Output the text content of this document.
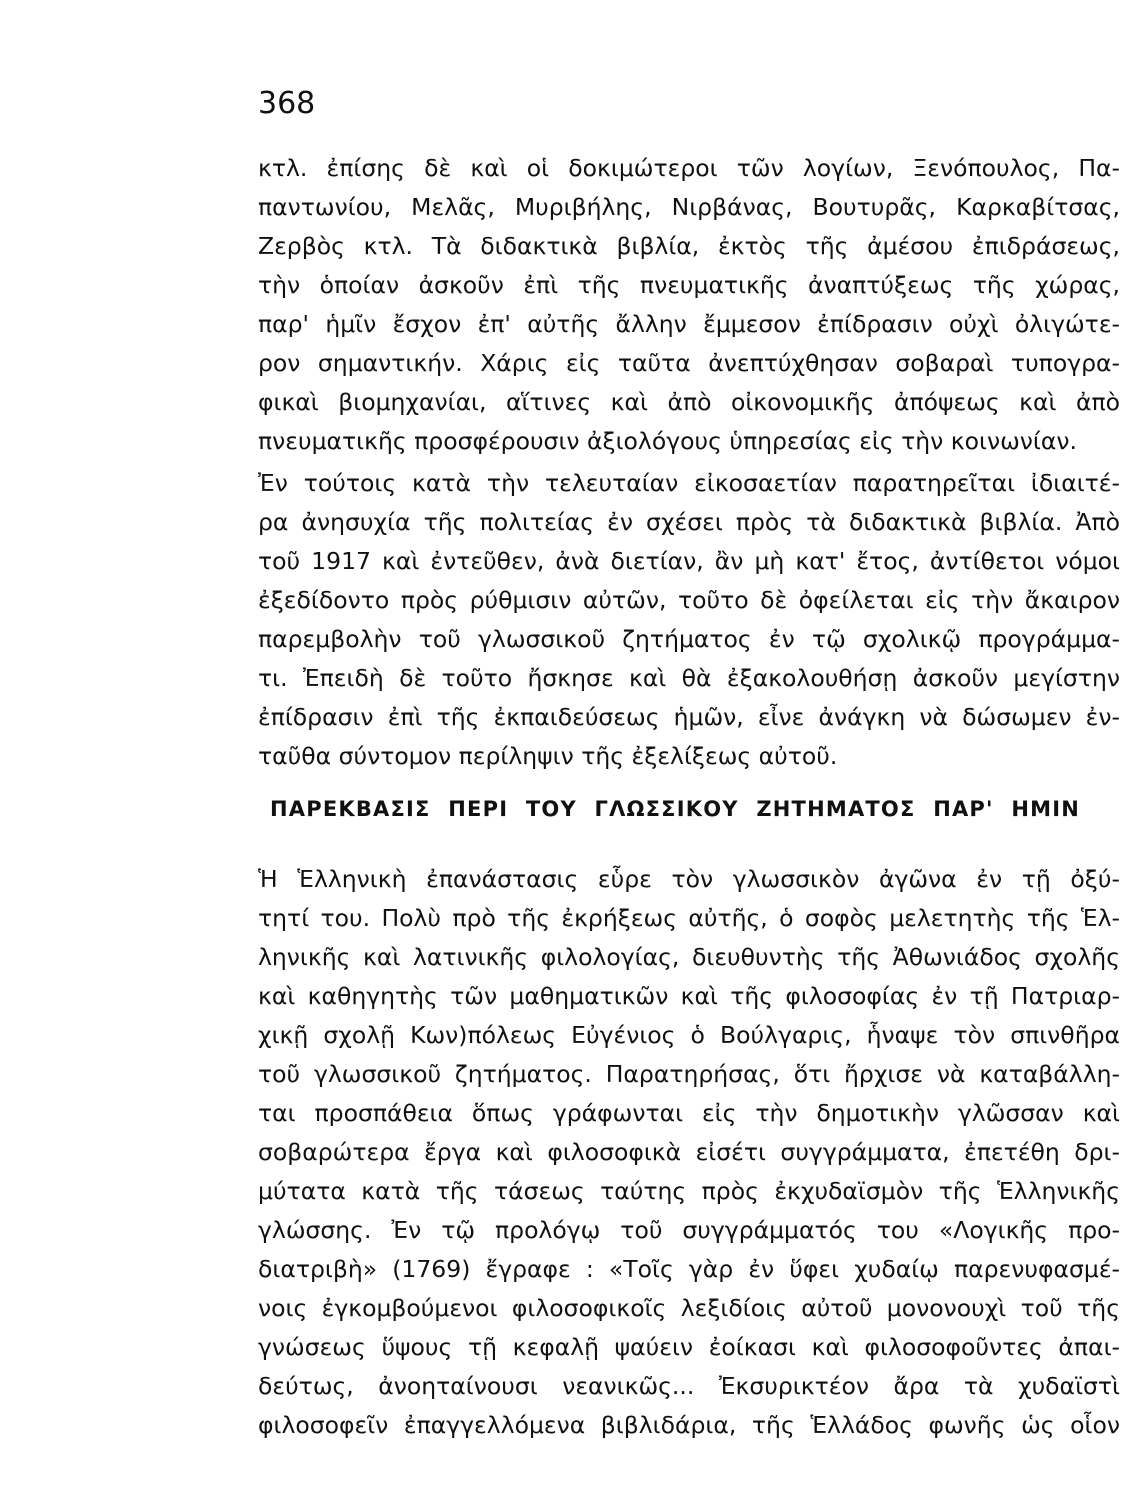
368
κτλ. ἐπίσης δὲ καὶ οἱ δοκιμώτεροι τῶν λογίων, Ξενόπουλος, Πα-
παντωνίου, Μελᾶς, Μυριβήλης, Νιρβάνας, Βουτυρᾶς, Καρκαβίτσας,
Ζερβὸς κτλ. Τὰ διδακτικὰ βιβλία, ἐκτὸς τῆς ἀμέσου ἐπιδράσεως,
τὴν ὁποίαν ἀσκοῦν ἐπὶ τῆς πνευματικῆς ἀναπτύξεως τῆς χώρας,
παρ' ἡμῖν ἔσχον ἐπ' αὐτῆς ἄλλην ἔμμεσον ἐπίδρασιν οὐχὶ ὀλιγώτε-
ρον σημαντικήν. Χάρις εἰς ταῦτα ἀνεπτύχθησαν σοβαραὶ τυπογρα-
φικαὶ βιομηχανίαι, αἵτινες καὶ ἀπὸ οἰκονομικῆς ἀπόψεως καὶ ἀπὸ
πνευματικῆς προσφέρουσιν ἀξιολόγους ὑπηρεσίας εἰς τὴν κοινωνίαν.
Ἐν τούτοις κατὰ τὴν τελευταίαν εἰκοσαετίαν παρατηρεῖται ἰδιαιτέ-
ρα ἀνησυχία τῆς πολιτείας ἐν σχέσει πρὸς τὰ διδακτικὰ βιβλία. Ἀπὸ
τοῦ 1917 καὶ ἐντεῦθεν, ἀνὰ διετίαν, ἂν μὴ κατ' ἔτος, ἀντίθετοι νόμοι
ἐξεδίδοντο πρὸς ρύθμισιν αὐτῶν, τοῦτο δὲ ὀφείλεται εἰς τὴν ἄκαιρον
παρεμβολὴν τοῦ γλωσσικοῦ ζητήματος ἐν τῷ σχολικῷ προγράμμα-
τι. Ἐπειδὴ δὲ τοῦτο ἤσκησε καὶ θὰ ἐξακολουθήσῃ ἀσκοῦν μεγίστην
ἐπίδρασιν ἐπὶ τῆς ἐκπαιδεύσεως ἡμῶν, εἶνε ἀνάγκη νὰ δώσωμεν ἐν-
ταῦθα σύντομον περίληψιν τῆς ἐξελίξεως αὐτοῦ.
ΠΑΡΕΚΒΑΣΙΣ ΠΕΡΙ ΤΟΥ ΓΛΩΣΣΙΚΟΥ ΖΗΤΗΜΑΤΟΣ ΠΑΡ' ΗΜΙΝ
Ἡ Ἑλληνικὴ ἐπανάστασις εὗρε τὸν γλωσσικὸν ἀγῶνα ἐν τῇ ὀξύ-
τητί του. Πολὺ πρὸ τῆς ἐκρήξεως αὐτῆς, ὁ σοφὸς μελετητὴς τῆς Ἑλ-
ληνικῆς καὶ λατινικῆς φιλολογίας, διευθυντὴς τῆς Ἀθωνιάδος σχολῆς
καὶ καθηγητὴς τῶν μαθηματικῶν καὶ τῆς φιλοσοφίας ἐν τῇ Πατριαρ-
χικῇ σχολῇ Κων)πόλεως Εὐγένιος ὁ Βούλγαρις, ἧναψε τὸν σπινθῆρα
τοῦ γλωσσικοῦ ζητήματος. Παρατηρήσας, ὅτι ἤρχισε νὰ καταβάλλη-
ται προσπάθεια ὅπως γράφωνται εἰς τὴν δημοτικὴν γλῶσσαν καὶ
σοβαρώτερα ἔργα καὶ φιλοσοφικὰ εἰσέτι συγγράμματα, ἐπετέθη δρι-
μύτατα κατὰ τῆς τάσεως ταύτης πρὸς ἐκχυδαϊσμὸν τῆς Ἑλληνικῆς
γλώσσης. Ἐν τῷ προλόγῳ τοῦ συγγράμματός του «Λογικῆς προ-
διατριβὴ» (1769) ἔγραφε : «Τοῖς γὰρ ἐν ὕφει χυδαίῳ παρενυφασμέ-
νοις ἐγκομβούμενοι φιλοσοφικοῖς λεξιδίοις αὐτοῦ μονονουχὶ τοῦ τῆς
γνώσεως ὕψους τῇ κεφαλῇ ψαύειν ἐοίκασι καὶ φιλοσοφοῦντες ἀπαι-
δεύτως, ἀνοηταίνουσι νεανικῶς... Ἐκσυρικτέον ἄρα τὰ χυδαϊστὶ
φιλοσοφεῖν ἐπαγγελλόμενα βιβλιδάρια, τῆς Ἑλλάδος φωνῆς ὡς οἷον
